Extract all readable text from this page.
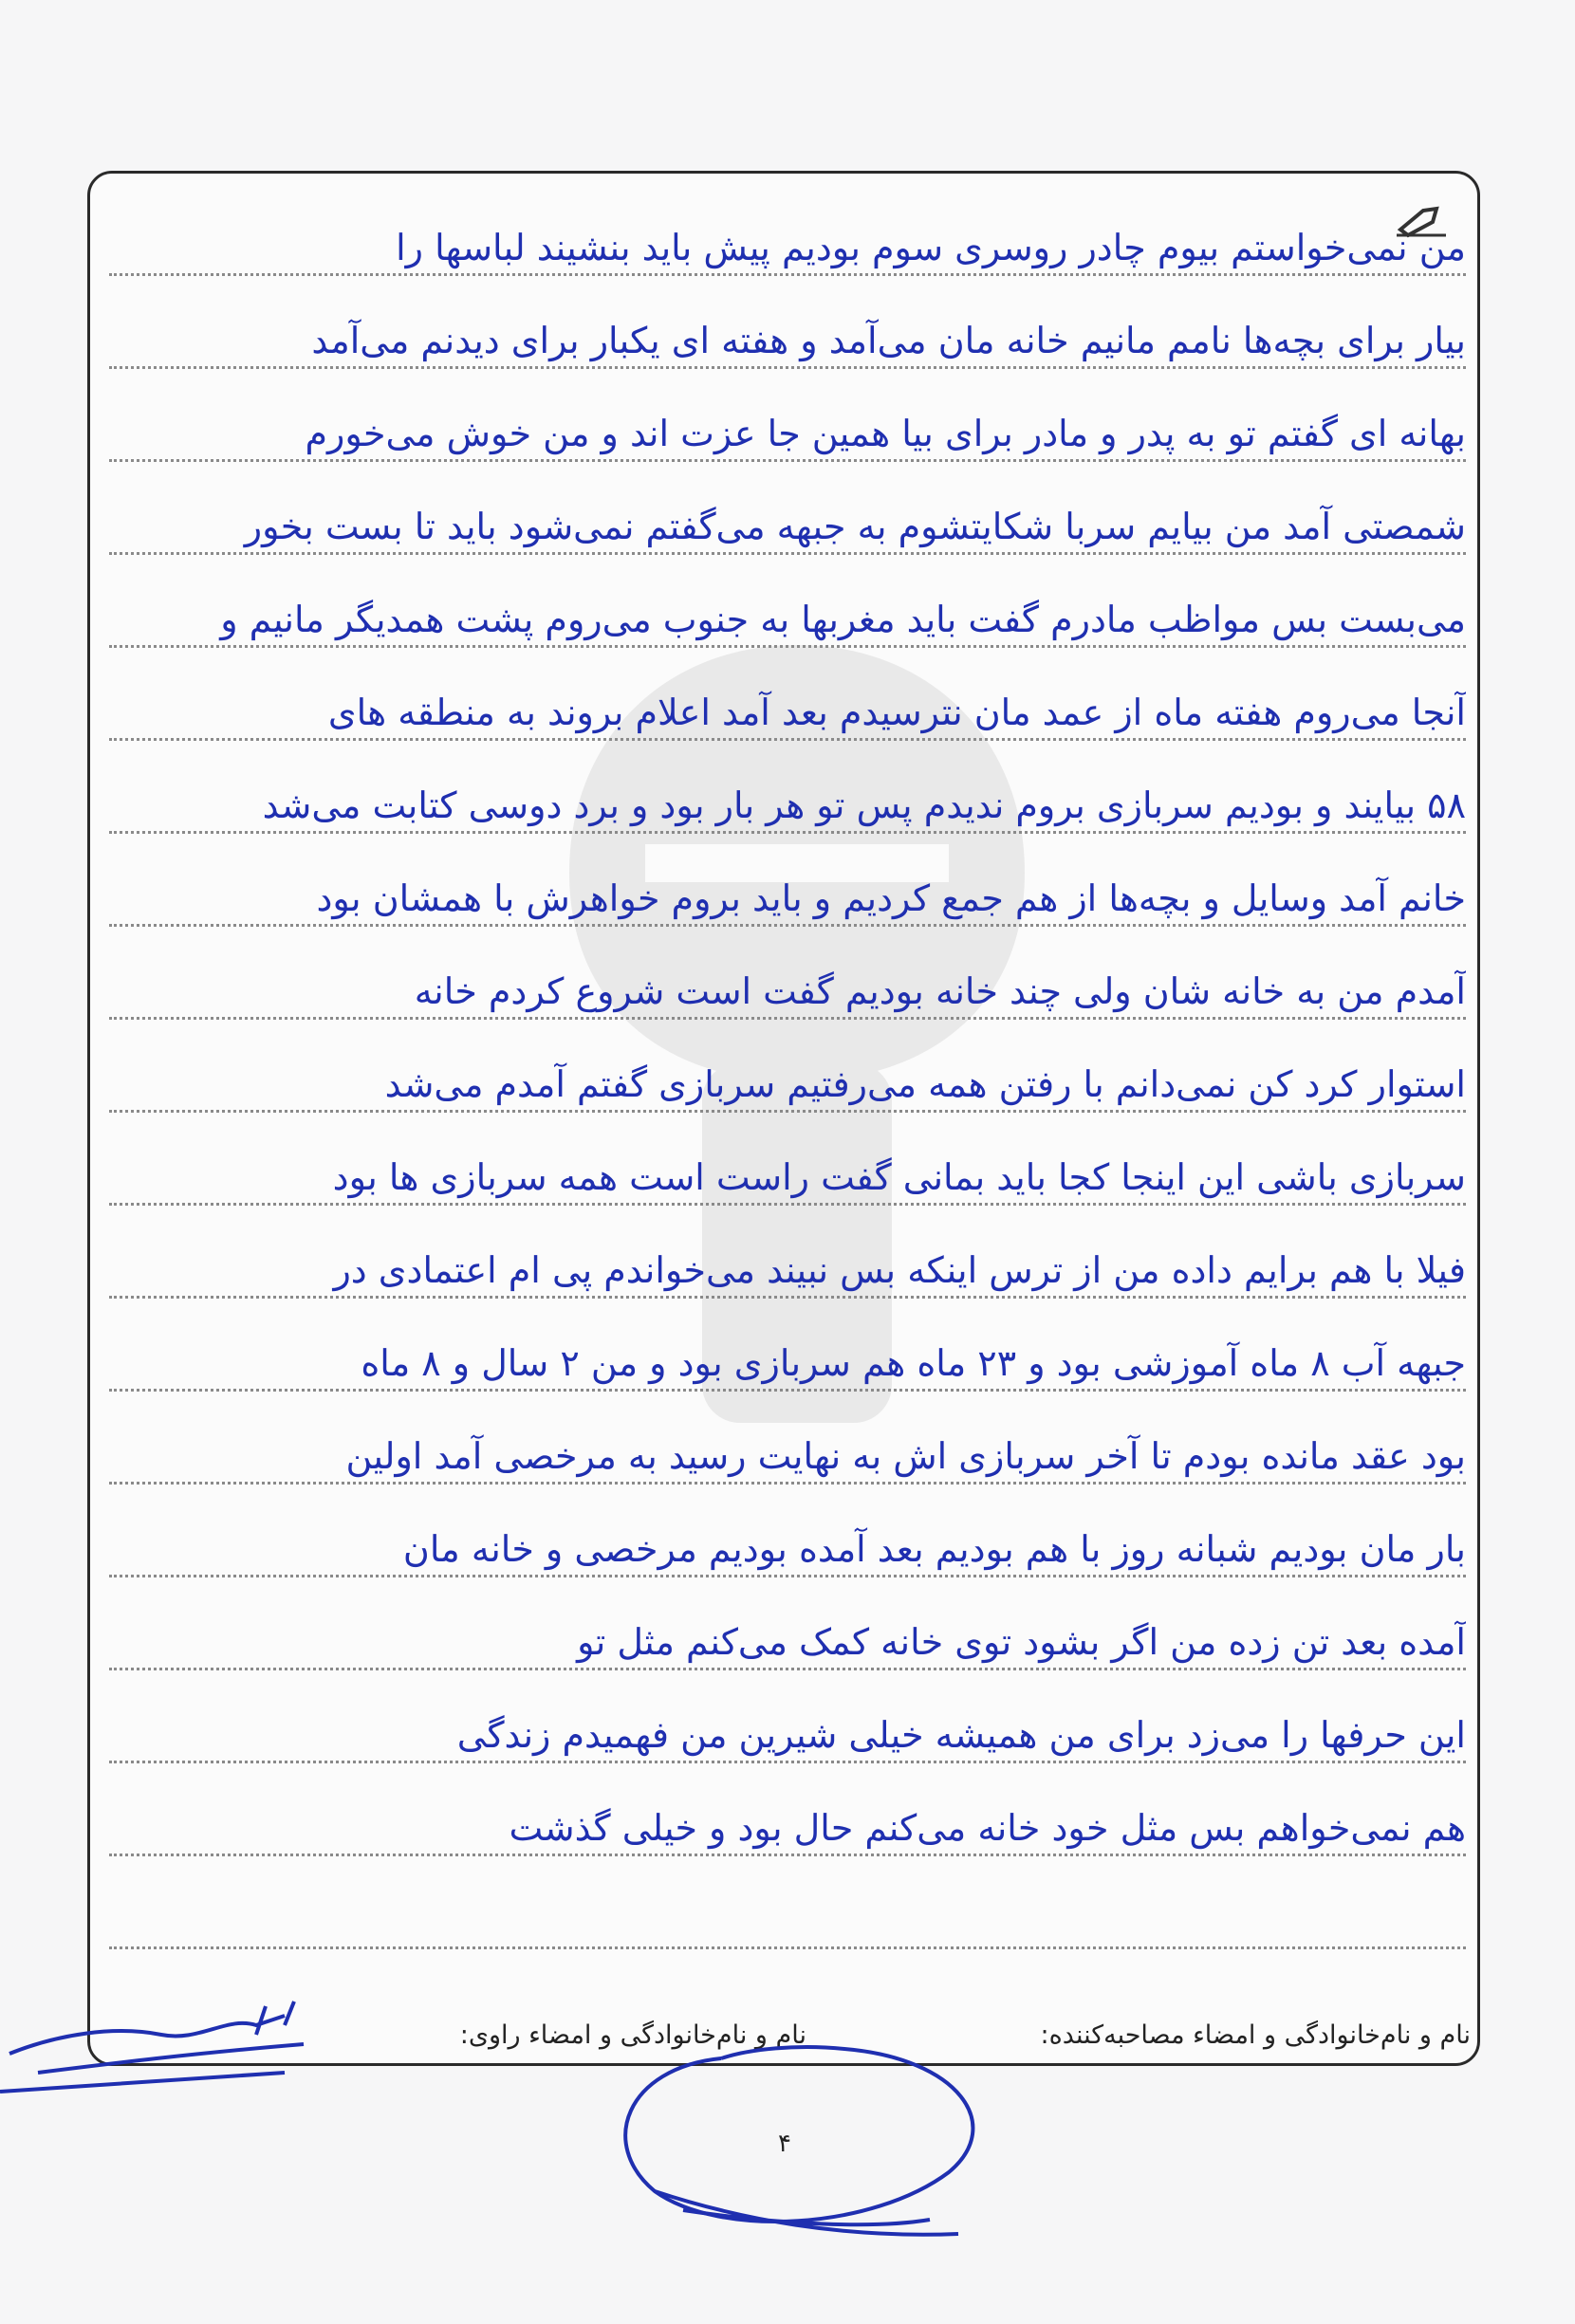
من نمی‌خواستم بیوم چادر روسری سوم بودیم پیش باید بنشیند لباسها را
بیار برای بچه‌ها نامم مانیم خانه مان می‌آمد و هفته ای یکبار برای دیدنم می‌آمد
بهانه ای گفتم تو به پدر و مادر برای بیا همین جا عزت اند و من خوش می‌خورم
شمصتی آمد من بیایم سربا شکایتشوم به جبهه می‌گفتم نمی‌شود باید تا بست بخور
می‌بست بس مواظب مادرم گفت باید مغربها به جنوب می‌روم پشت همدیگر مانیم و
آنجا می‌روم هفته ماه از عمد مان نترسیدم بعد آمد اعلام بروند به منطقه های
۵۸ بیایند و بودیم سربازی بروم ندیدم پس تو هر بار بود و برد دوسی کتابت می‌شد
خانم آمد وسایل و بچه‌ها از هم جمع کردیم و باید بروم خواهرش با همشان بود
آمدم من به خانه شان ولی چند خانه بودیم گفت است شروع کردم خانه
استوار کرد کن نمی‌دانم با رفتن همه می‌رفتیم سربازی گفتم آمدم می‌شد
سربازی باشی این اینجا کجا باید بمانی گفت راست است همه سربازی ها بود
فیلا با هم برایم داده من از ترس اینکه بس نبیند می‌خواندم پی ام اعتمادی در
جبهه آب ۸ ماه آموزشی بود و ۲۳ ماه هم سربازی بود و من ۲ سال و ۸ ماه
بود عقد مانده بودم تا آخر سربازی اش به نهایت رسید به مرخصی آمد اولین
بار مان بودیم شبانه روز با هم بودیم بعد آمده بودیم مرخصی و خانه مان
آمده بعد تن زده من اگر بشود توی خانه کمک می‌کنم مثل تو
این حرفها را می‌زد برای من همیشه خیلی شیرین من فهمیدم زندگی
هم نمی‌خواهم بس مثل خود خانه می‌کنم حال بود و خیلی گذشت
نام و نام‌خانوادگی و امضاء راوی:	نام و نام‌خانوادگی و امضاء مصاحبه‌کننده:
۴
